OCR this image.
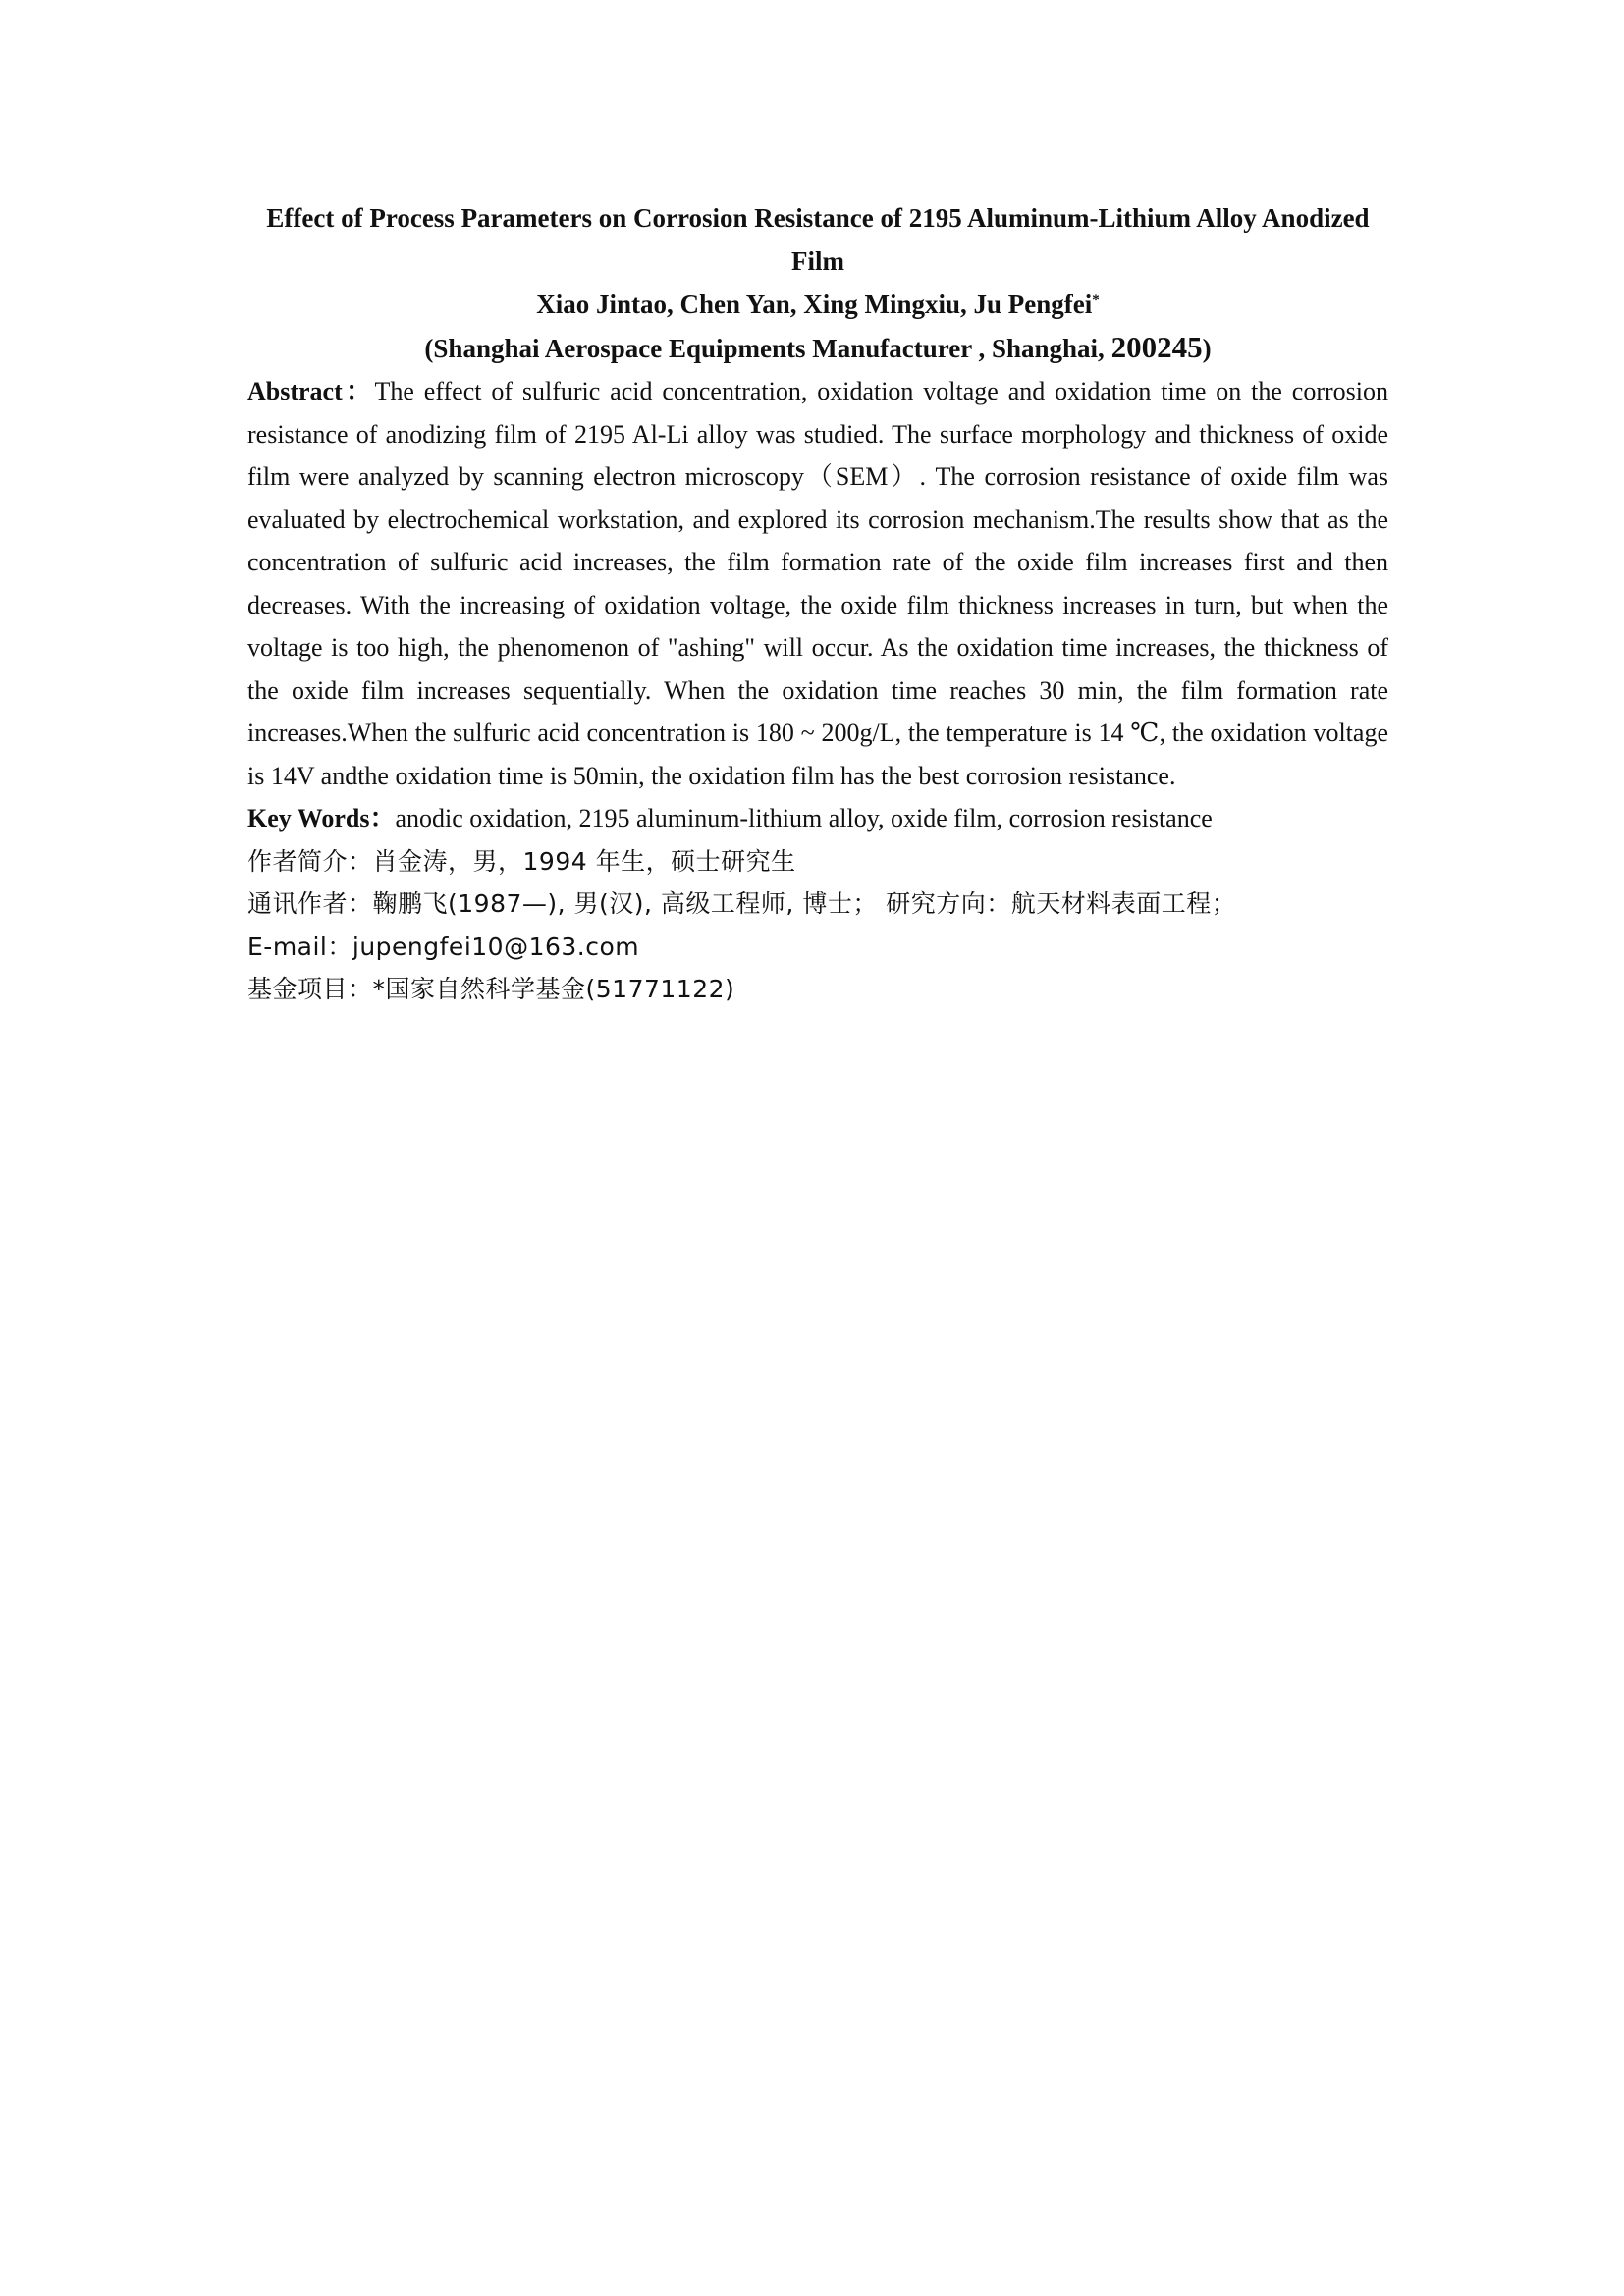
Effect of Process Parameters on Corrosion Resistance of 2195 Aluminum-Lithium Alloy Anodized Film

Xiao Jintao, Chen Yan, Xing Mingxiu, Ju Pengfei*

(Shanghai Aerospace Equipments Manufacturer , Shanghai, 200245)

Abstract：The effect of sulfuric acid concentration, oxidation voltage and oxidation time on the corrosion resistance of anodizing film of 2195 Al-Li alloy was studied. The surface morphology and thickness of oxide film were analyzed by scanning electron microscopy（SEM）. The corrosion resistance of oxide film was evaluated by electrochemical workstation, and explored its corrosion mechanism.The results show that as the concentration of sulfuric acid increases, the film formation rate of the oxide film increases first and then decreases. With the increasing of oxidation voltage, the oxide film thickness increases in turn, but when the voltage is too high, the phenomenon of "ashing" will occur. As the oxidation time increases, the thickness of the oxide film increases sequentially. When the oxidation time reaches 30 min, the film formation rate increases.When the sulfuric acid concentration is 180 ~ 200g/L, the temperature is 14 ℃, the oxidation voltage is 14V andthe oxidation time is 50min, the oxidation film has the best corrosion resistance.

Key Words：anodic oxidation, 2195 aluminum-lithium alloy, oxide film, corrosion resistance

作者简介：肖金涛，男，1994 年生，硕士研究生

通讯作者：鞠鹏飞(1987—), 男(汉), 高级工程师, 博士； 研究方向：航天材料表面工程；

E-mail：jupengfei10@163.com

基金项目：*国家自然科学基金(51771122)
